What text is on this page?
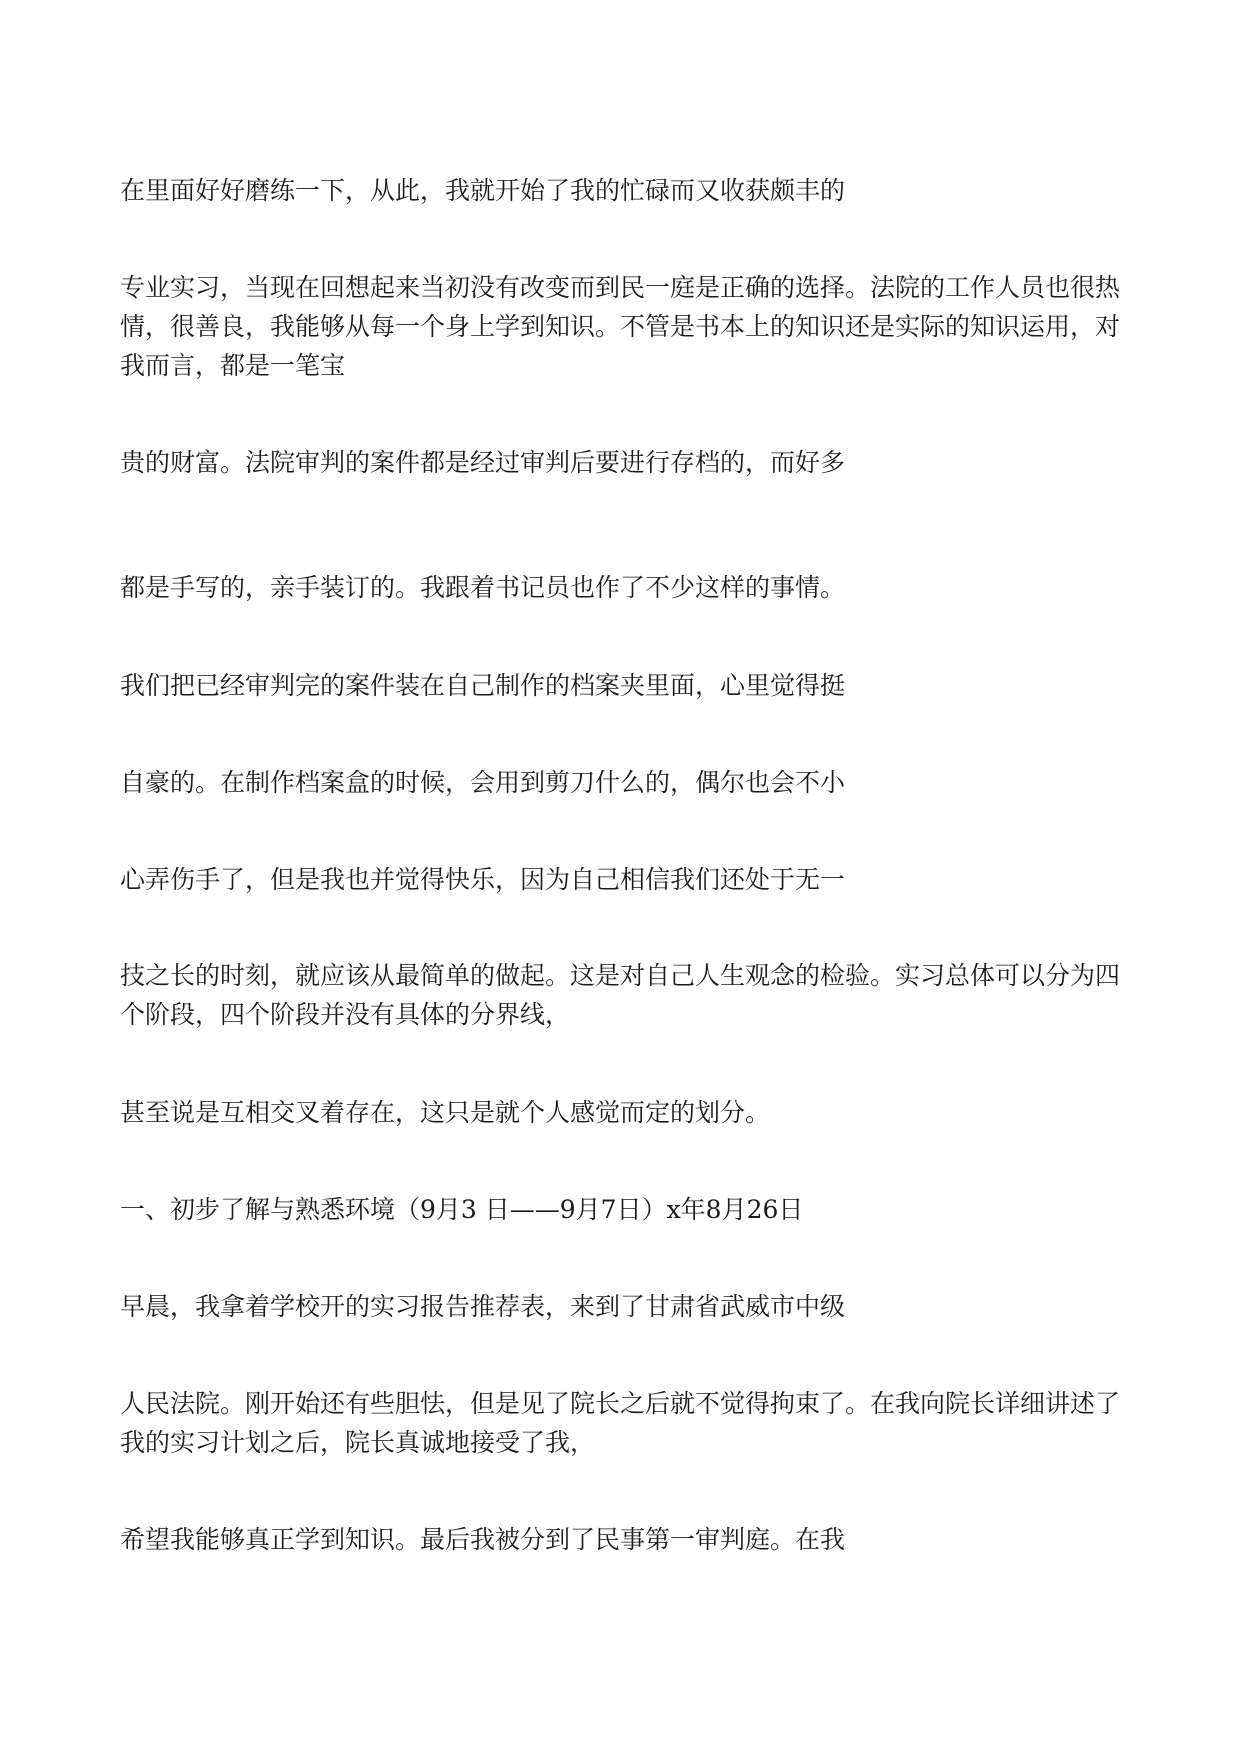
在里面好好磨练一下，从此，我就开始了我的忙碌而又收获颇丰的

专业实习，当现在回想起来当初没有改变而到民一庭是正确的选择。法院的工作人员也很热情，很善良，我能够从每一个身上学到知识。不管是书本上的知识还是实际的知识运用，对我而言，都是一笔宝

贵的财富。法院审判的案件都是经过审判后要进行存档的，而好多

都是手写的，亲手装订的。我跟着书记员也作了不少这样的事情。

我们把已经审判完的案件装在自己制作的档案夹里面，心里觉得挺

自豪的。在制作档案盒的时候，会用到剪刀什么的，偶尔也会不小

心弄伤手了，但是我也并觉得快乐，因为自己相信我们还处于无一

技之长的时刻，就应该从最简单的做起。这是对自己人生观念的检验。实习总体可以分为四个阶段，四个阶段并没有具体的分界线，

甚至说是互相交叉着存在，这只是就个人感觉而定的划分。

一、初步了解与熟悉环境（9月3 日——9月7日）x年8月26日

早晨，我拿着学校开的实习报告推荐表，来到了甘肃省武威市中级

人民法院。刚开始还有些胆怯，但是见了院长之后就不觉得拘束了。在我向院长详细讲述了我的实习计划之后，院长真诚地接受了我，

希望我能够真正学到知识。最后我被分到了民事第一审判庭。在我
